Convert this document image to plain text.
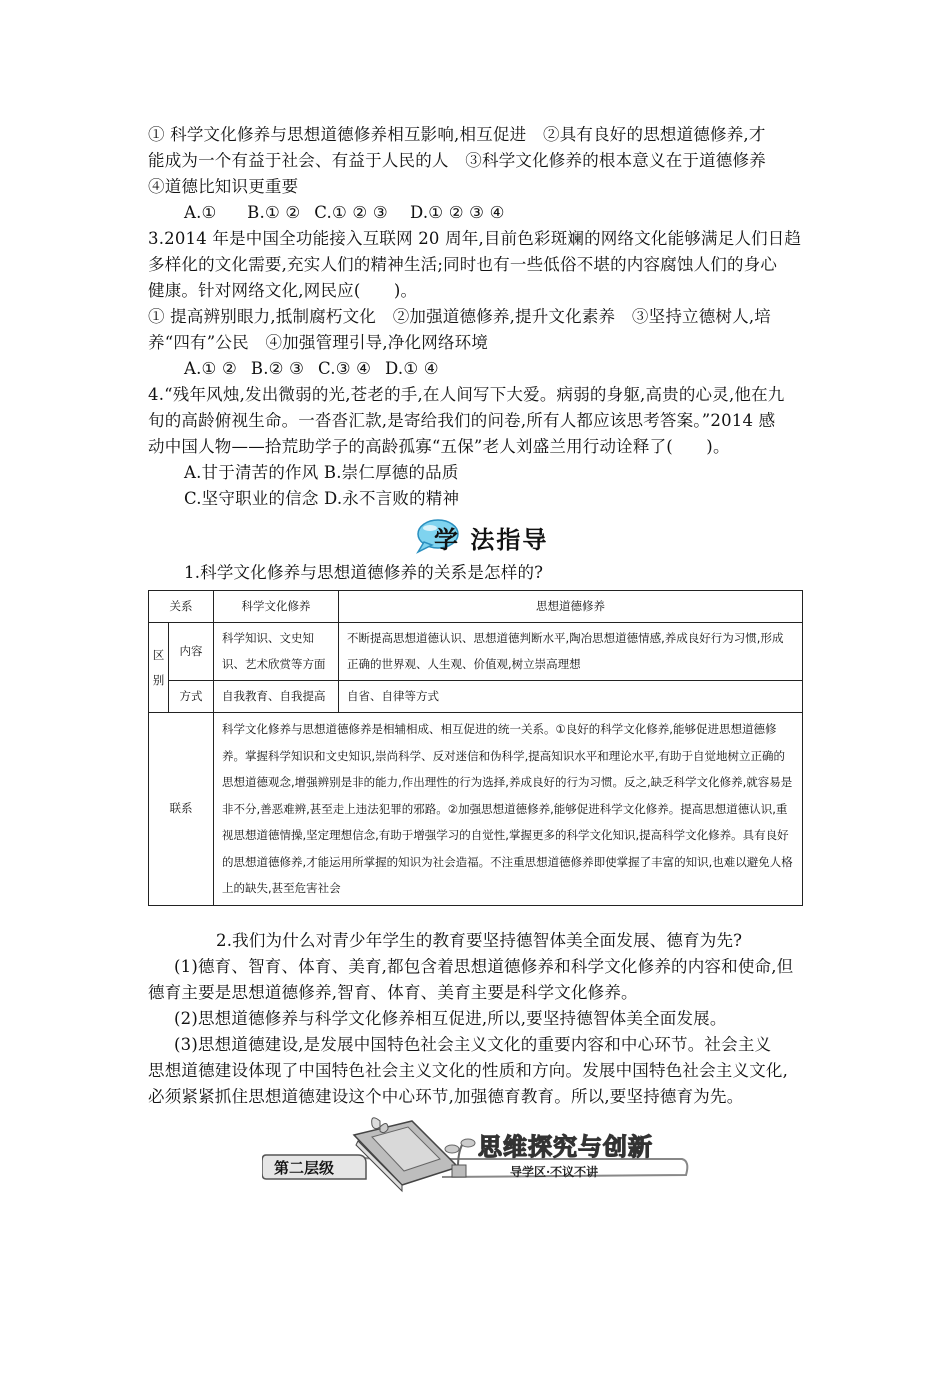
① 科学文化修养与思想道德修养相互影响,相互促进　②具有良好的思想道德修养,才

能成为一个有益于社会、有益于人民的人　③科学文化修养的根本意义在于道德修养

④道德比知识更重要

A.①   B.① ②  C.① ② ③  D.① ② ③ ④

3.2014 年是中国全功能接入互联网 20 周年,目前色彩斑斓的网络文化能够满足人们日趋

多样化的文化需要,充实人们的精神生活;同时也有一些低俗不堪的内容腐蚀人们的身心

健康。针对网络文化,网民应(　　)。

① 提高辨别眼力,抵制腐朽文化　②加强道德修养,提升文化素养　③坚持立德树人,培

养“四有”公民　④加强管理引导,净化网络环境

A.① ②  B.② ③  C.③ ④  D.① ④

4.“残年风烛,发出微弱的光,苍老的手,在人间写下大爱。病弱的身躯,高贵的心灵,他在九

旬的高龄俯视生命。一沓沓汇款,是寄给我们的问卷,所有人都应该思考答案。”2014 感

动中国人物——拾荒助学子的高龄孤寡“五保”老人刘盛兰用行动诠释了(　　)。

A.甘于清苦的作风 B.崇仁厚德的品质

C.坚守职业的信念 D.永不言败的精神

学 法指导

1.科学文化修养与思想道德修养的关系是怎样的?

关系		科学文化修养	思想道德修养
区别	内容	科学知识、文史知识、艺术欣赏等方面	不断提高思想道德认识、思想道德判断水平,陶冶思想道德情感,养成良好行为习惯,形成正确的世界观、人生观、价值观,树立崇高理想
	方式	自我教育、自我提高	自省、自律等方式
联系		科学文化修养与思想道德修养是相辅相成、相互促进的统一关系。①良好的科学文化修养,能够促进思想道德修养。掌握科学知识和文史知识,崇尚科学、反对迷信和伪科学,提高知识水平和理论水平,有助于自觉地树立正确的思想道德观念,增强辨别是非的能力,作出理性的行为选择,养成良好的行为习惯。反之,缺乏科学文化修养,就容易是非不分,善恶难辨,甚至走上违法犯罪的邪路。②加强思想道德修养,能够促进科学文化修养。提高思想道德认识,重视思想道德情操,坚定理想信念,有助于增强学习的自觉性,掌握更多的科学文化知识,提高科学文化修养。具有良好的思想道德修养,才能运用所掌握的知识为社会造福。不注重思想道德修养即使掌握了丰富的知识,也难以避免人格上的缺失,甚至危害社会	

2.我们为什么对青少年学生的教育要坚持德智体美全面发展、德育为先?

(1)德育、智育、体育、美育,都包含着思想道德修养和科学文化修养的内容和使命,但

德育主要是思想道德修养,智育、体育、美育主要是科学文化修养。

(2)思想道德修养与科学文化修养相互促进,所以,要坚持德智体美全面发展。

(3)思想道德建设,是发展中国特色社会主义文化的重要内容和中心环节。社会主义

思想道德建设体现了中国特色社会主义文化的性质和方向。发展中国特色社会主义文化,

必须紧紧抓住思想道德建设这个中心环节,加强德育教育。所以,要坚持德育为先。

第二层级
思维探究与创新
导学区·不议不讲
